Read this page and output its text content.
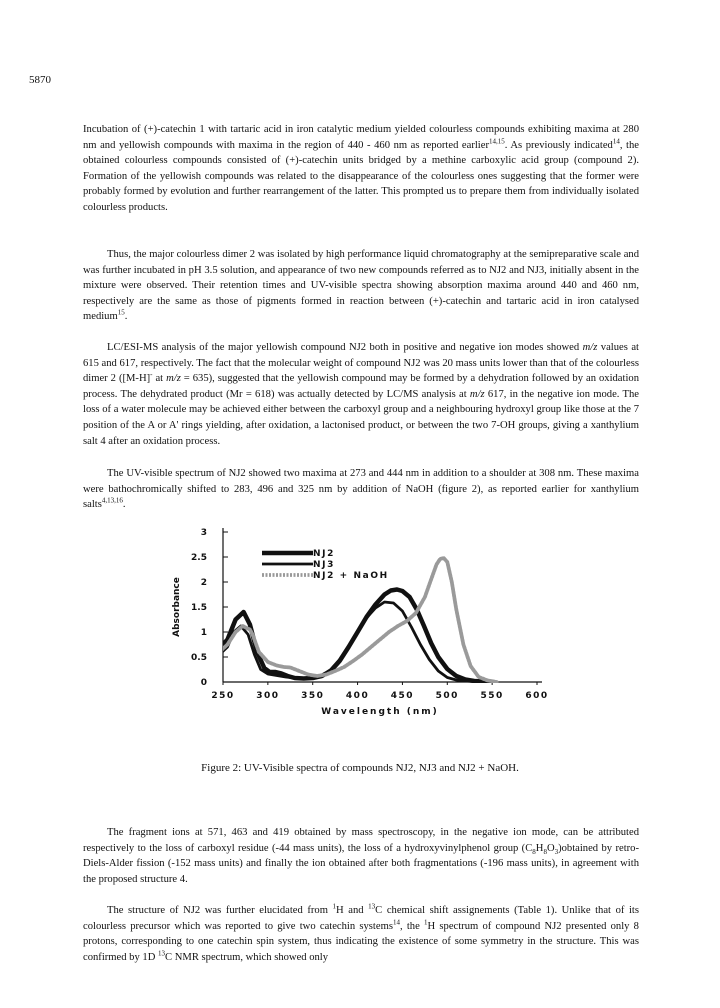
5870

Incubation of (+)-catechin 1 with tartaric acid in iron catalytic medium yielded colourless compounds exhibiting maxima at 280 nm and yellowish compounds with maxima in the region of 440 - 460 nm as reported earlier$^{14,15}$. As previously indicated$^{14}$, the obtained colourless compounds consisted of (+)-catechin units bridged by a methine carboxylic acid group (compound 2). Formation of the yellowish compounds was related to the disappearance of the colourless ones suggesting that the former were probably formed by evolution and further rearrangement of the latter. This prompted us to prepare them from individually isolated colourless products.

Thus, the major colourless dimer 2 was isolated by high performance liquid chromatography at the semipreparative scale and was further incubated in pH 3.5 solution, and appearance of two new compounds referred as to NJ2 and NJ3, initially absent in the mixture were observed. Their retention times and UV-visible spectra showing absorption maxima around 440 and 460 nm, respectively are the same as those of pigments formed in reaction between (+)-catechin and tartaric acid in iron catalysed medium$^{15}$.

LC/ESI-MS analysis of the major yellowish compound NJ2 both in positive and negative ion modes showed m/z values at 615 and 617, respectively. The fact that the molecular weight of compound NJ2 was 20 mass units lower than that of the colourless dimer 2 ([M-H]- at m/z = 635), suggested that the yellowish compound may be formed by a dehydration followed by an oxidation process. The dehydrated product (Mr = 618) was actually detected by LC/MS analysis at m/z 617, in the negative ion mode. The loss of a water molecule may be achieved either between the carboxyl group and a neighbouring hydroxyl group like those at the 7 position of the A or A' rings yielding, after oxidation, a lactonised product, or between the two 7-OH groups, giving a xanthylium salt 4 after an oxidation process.

The UV-visible spectrum of NJ2 showed two maxima at 273 and 444 nm in addition to a shoulder at 308 nm. These maxima were bathochromically shifted to 283, 496 and 325 nm by addition of NaOH (figure 2), as reported earlier for xanthylium salts$^{4,13,16}$.

0
0.5
1
1.5
2
2.5
3
250 300 350 400 450 500 550 600
Wavelength (nm)
Absorbance
NJ2
NJ3
NJ2 + NaOH
Figure 2: UV-Visible spectra of compounds NJ2, NJ3 and NJ2 + NaOH.

The fragment ions at 571, 463 and 419 obtained by mass spectroscopy, in the negative ion mode, can be attributed respectively to the loss of carboxyl residue (-44 mass units), the loss of a hydroxyvinylphenol group $(C_8H_8O_3)obtained$ by retro-Diels-Alder fission (-152 mass units) and finally the ion obtained after both fragmentations (-196 mass units), in agreement with the proposed structure 4.

The structure of NJ2 was further elucidated from $^1$H and $^{13}$C chemical shift assignements (Table 1). Unlike that of its colourless precursor which was reported to give two catechin systems$^{14}$, the $^1$H spectrum of compound NJ2 presented only 8 protons, corresponding to one catechin spin system, thus indicating the existence of some symmetry in the structure. This was confirmed by 1D $^{13}$C NMR spectrum, which showed only
